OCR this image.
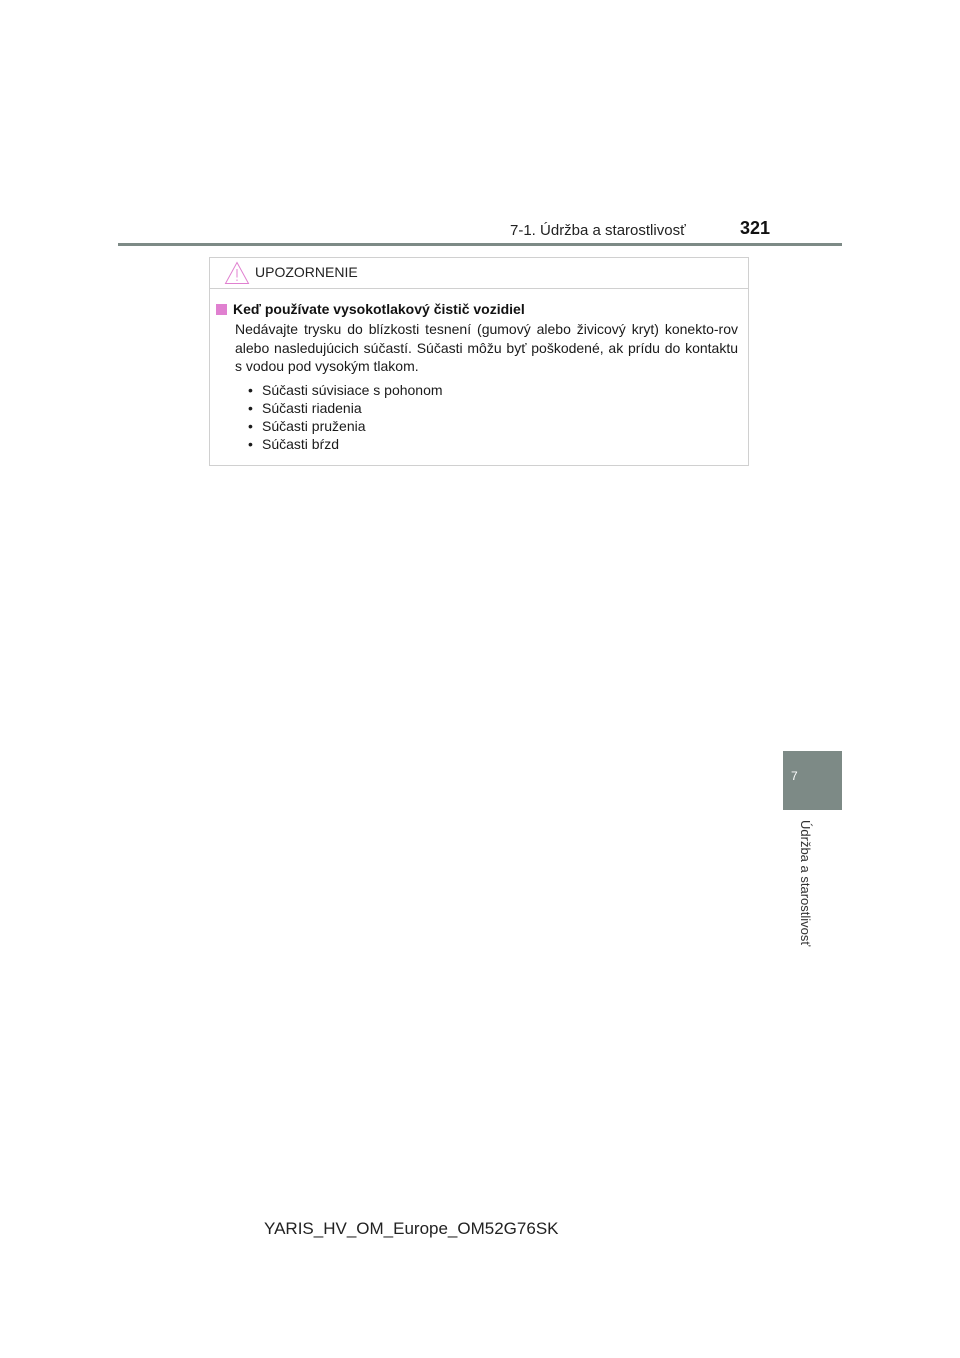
7-1. Údržba a starostlivosť	321
UPOZORNENIE
Keď používate vysokotlakový čistič vozidiel

Nedávajte trysku do blízkosti tesnení (gumový alebo živicový kryt) konekto-rov alebo nasledujúcich súčastí. Súčasti môžu byť poškodené, ak prídu do kontaktu s vodou pod vysokým tlakom.

• Súčasti súvisiace s pohonom
• Súčasti riadenia
• Súčasti pruženia
• Súčasti bŕzd
7
Údržba a starostlivosť
YARIS_HV_OM_Europe_OM52G76SK
